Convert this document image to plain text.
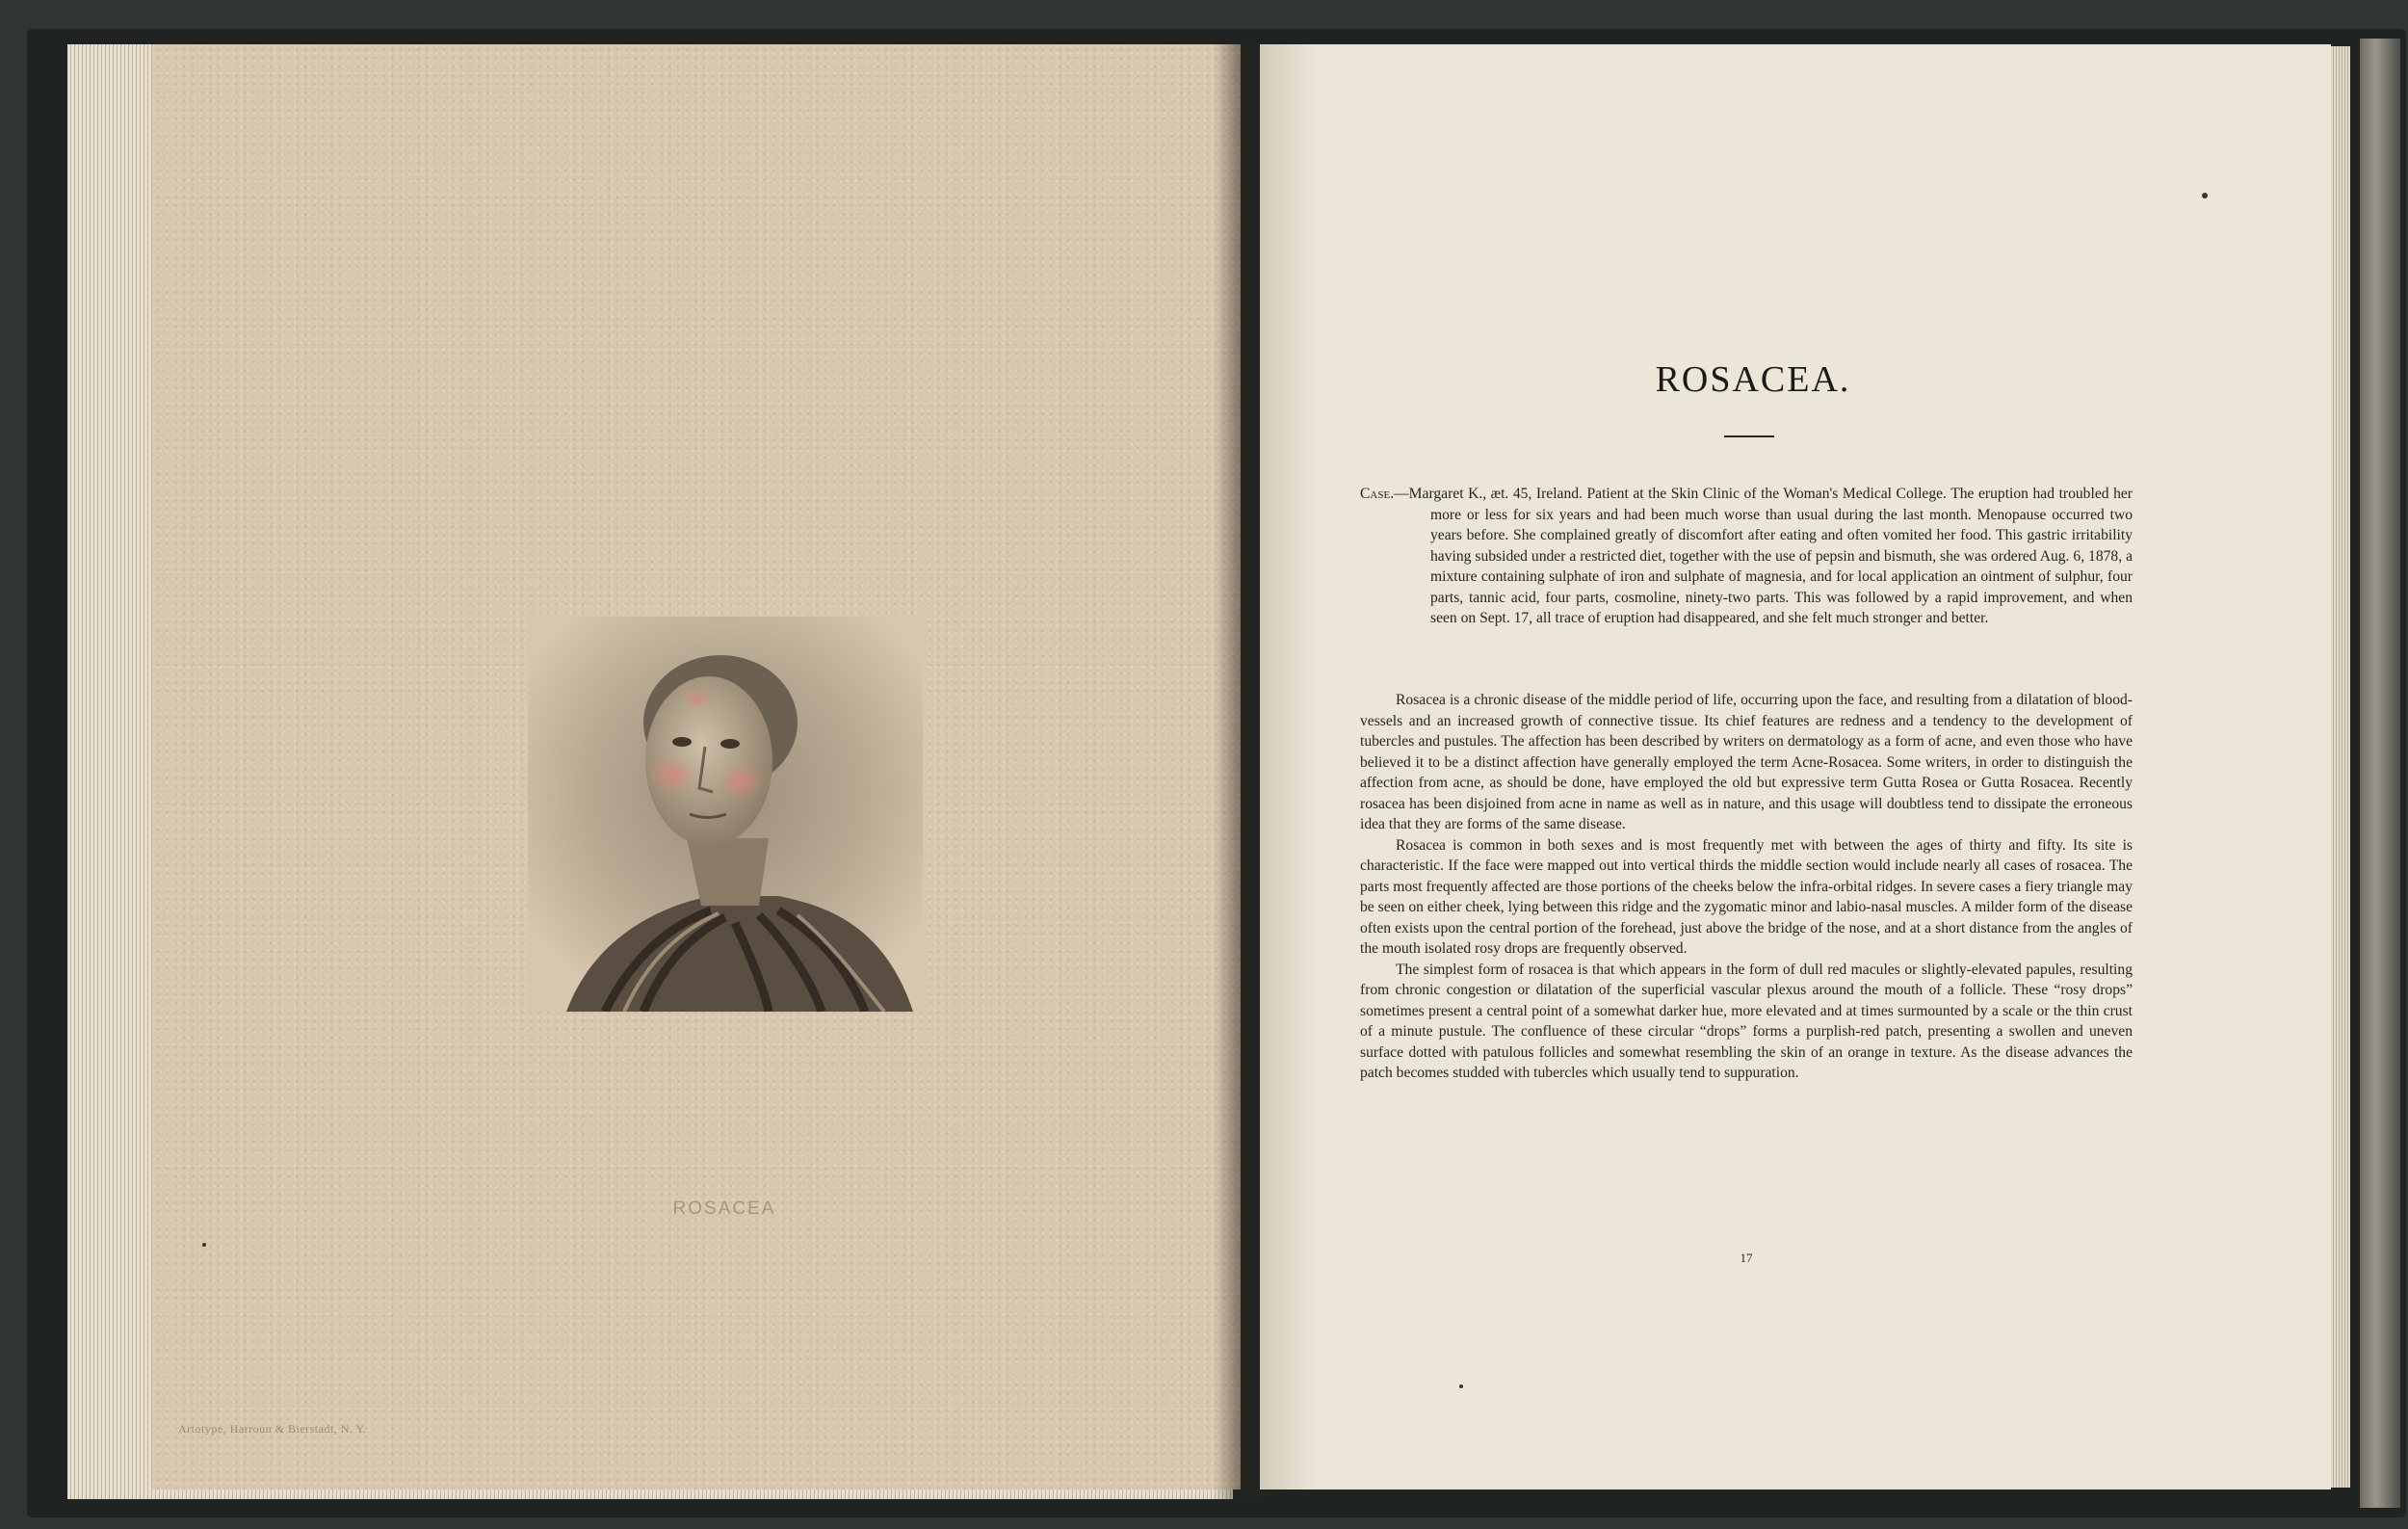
ROSACEA
Artotype, Harroun & Bierstadt, N. Y.
ROSACEA.

Case.—Margaret K., æt. 45, Ireland. Patient at the Skin Clinic of the Woman's Medical College. The eruption had troubled her more or less for six years and had been much worse than usual during the last month. Menopause occurred two years before. She complained greatly of discomfort after eating and often vomited her food. This gastric irritability having subsided under a restricted diet, together with the use of pepsin and bismuth, she was ordered Aug. 6, 1878, a mixture containing sulphate of iron and sulphate of magnesia, and for local application an ointment of sulphur, four parts, tannic acid, four parts, cosmoline, ninety-two parts. This was followed by a rapid improvement, and when seen on Sept. 17, all trace of eruption had disappeared, and she felt much stronger and better.

Rosacea is a chronic disease of the middle period of life, occurring upon the face, and resulting from a dilatation of blood-vessels and an increased growth of connective tissue. Its chief features are redness and a tendency to the development of tubercles and pustules. The affection has been described by writers on dermatology as a form of acne, and even those who have believed it to be a distinct affection have generally employed the term Acne-Rosacea. Some writers, in order to distinguish the affection from acne, as should be done, have employed the old but expressive term Gutta Rosea or Gutta Rosacea. Recently rosacea has been disjoined from acne in name as well as in nature, and this usage will doubtless tend to dissipate the erroneous idea that they are forms of the same disease.

Rosacea is common in both sexes and is most frequently met with between the ages of thirty and fifty. Its site is characteristic. If the face were mapped out into vertical thirds the middle section would include nearly all cases of rosacea. The parts most frequently affected are those portions of the cheeks below the infra-orbital ridges. In severe cases a fiery triangle may be seen on either cheek, lying between this ridge and the zygomatic minor and labio-nasal muscles. A milder form of the disease often exists upon the central portion of the forehead, just above the bridge of the nose, and at a short distance from the angles of the mouth isolated rosy drops are frequently observed.

The simplest form of rosacea is that which appears in the form of dull red macules or slightly-elevated papules, resulting from chronic congestion or dilatation of the superficial vascular plexus around the mouth of a follicle. These “rosy drops” sometimes present a central point of a somewhat darker hue, more elevated and at times surmounted by a scale or the thin crust of a minute pustule. The confluence of these circular “drops” forms a purplish-red patch, presenting a swollen and uneven surface dotted with patulous follicles and somewhat resembling the skin of an orange in texture. As the disease advances the patch becomes studded with tubercles which usually tend to suppuration.

17
